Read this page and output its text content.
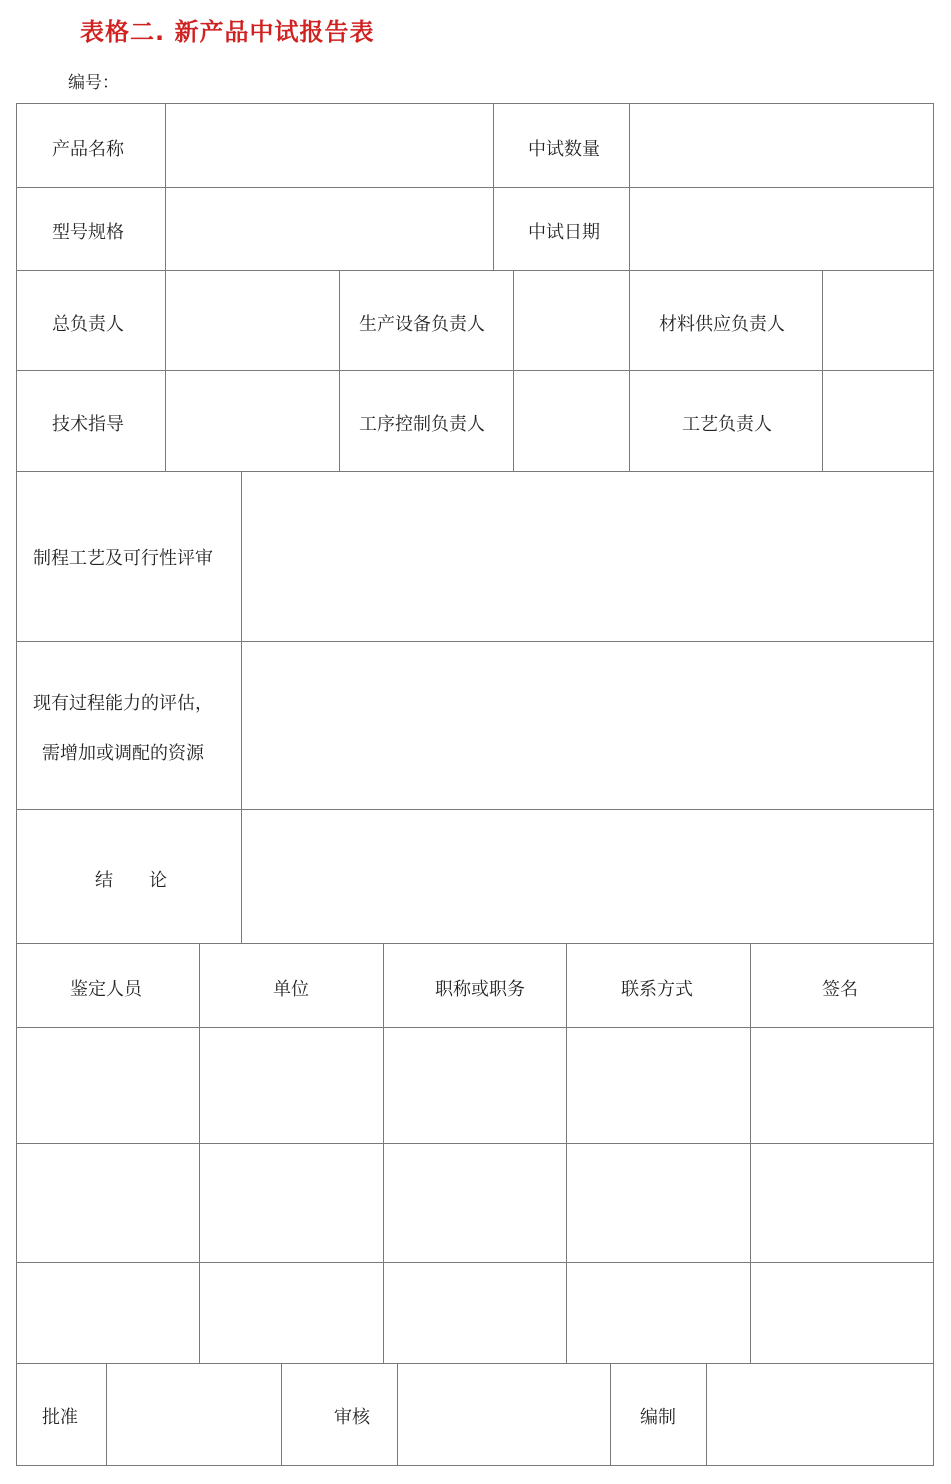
表格二. 新产品中试报告表
编号：
产品名称	中试数量
型号规格	中试日期
总负责人	生产设备负责人	材料供应负责人
技术指导	工序控制负责人	工艺负责人
制程工艺及可行性评审
现有过程能力的评估，
需增加或调配的资源
结　　论
鉴定人员	单位	职称或职务	联系方式	签名
批准	审核	编制
